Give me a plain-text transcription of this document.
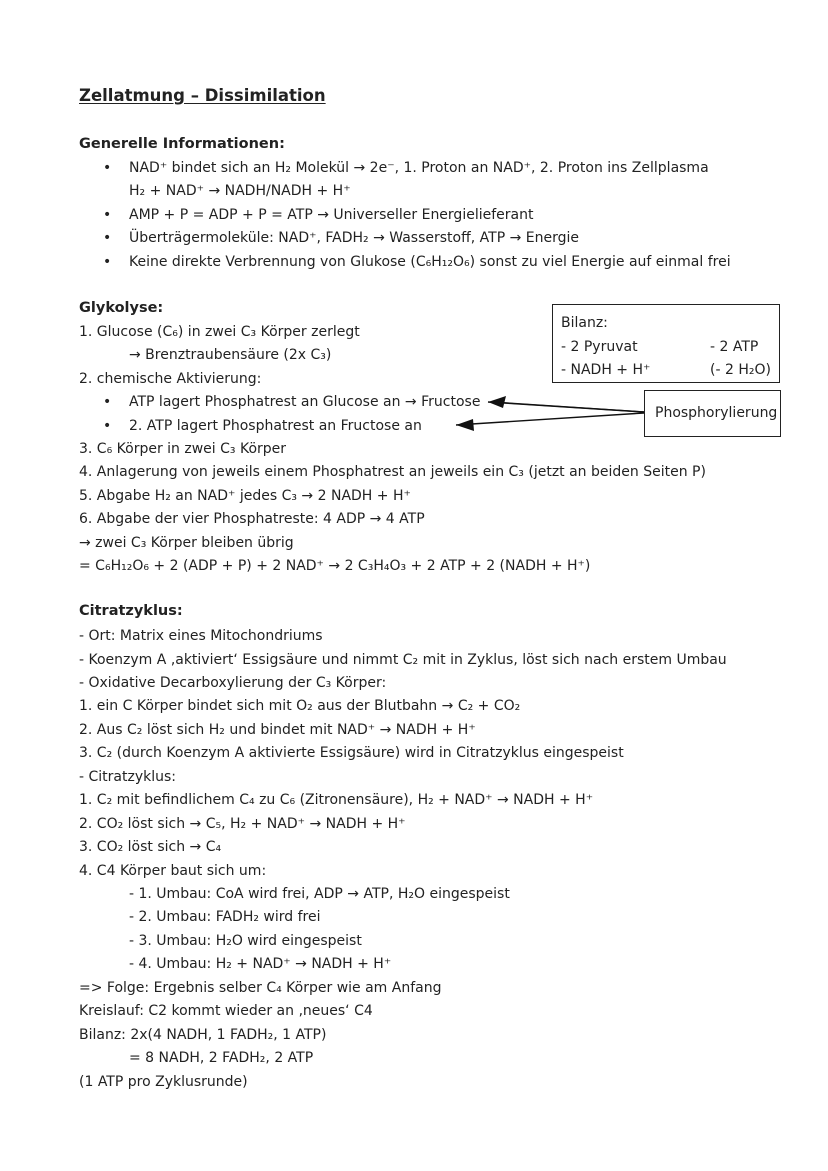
Zellatmung – Dissimilation
Generelle Informationen:
• NAD⁺ bindet sich an H₂ Molekül → 2e⁻, 1. Proton an NAD⁺, 2. Proton ins Zellplasma
H₂ + NAD⁺ → NADH/NADH + H⁺
• AMP + P = ADP + P = ATP → Universeller Energielieferant
• Überträgermoleküle: NAD⁺, FADH₂ → Wasserstoff, ATP → Energie
• Keine direkte Verbrennung von Glukose (C₆H₁₂O₆) sonst zu viel Energie auf einmal frei
Glykolyse:
1. Glucose (C₆) in zwei C₃ Körper zerlegt
→ Brenztraubensäure (2x C₃)
2. chemische Aktivierung:
• ATP lagert Phosphatrest an Glucose an → Fructose
• 2. ATP lagert Phosphatrest an Fructose an
3. C₆ Körper in zwei C₃ Körper
4. Anlagerung von jeweils einem Phosphatrest an jeweils ein C₃ (jetzt an beiden Seiten P)
5. Abgabe H₂ an NAD⁺ jedes C₃ → 2 NADH + H⁺
6. Abgabe der vier Phosphatreste: 4 ADP → 4 ATP
→ zwei C₃ Körper bleiben übrig
= C₆H₁₂O₆ + 2 (ADP + P) + 2 NAD⁺ → 2 C₃H₄O₃ + 2 ATP + 2 (NADH + H⁺)
Bilanz:
- 2 Pyruvat	- 2 ATP
- NADH + H⁺	(- 2 H₂O)
Phosphorylierung
Citratzyklus:
- Ort: Matrix eines Mitochondriums
- Koenzym A ‚aktiviert‘ Essigsäure und nimmt C₂ mit in Zyklus, löst sich nach erstem Umbau
- Oxidative Decarboxylierung der C₃ Körper:
1. ein C Körper bindet sich mit O₂ aus der Blutbahn → C₂ + CO₂
2. Aus C₂ löst sich H₂ und bindet mit NAD⁺ → NADH + H⁺
3. C₂ (durch Koenzym A aktivierte Essigsäure) wird in Citratzyklus eingespeist
- Citratzyklus:
1. C₂ mit befindlichem C₄ zu C₆ (Zitronensäure), H₂ + NAD⁺ → NADH + H⁺
2. CO₂ löst sich → C₅, H₂ + NAD⁺ → NADH + H⁺
3. CO₂ löst sich → C₄
4. C4 Körper baut sich um:
- 1. Umbau: CoA wird frei, ADP → ATP, H₂O eingespeist
- 2. Umbau: FADH₂ wird frei
- 3. Umbau: H₂O wird eingespeist
- 4. Umbau: H₂ + NAD⁺ → NADH + H⁺
=> Folge: Ergebnis selber C₄ Körper wie am Anfang
Kreislauf: C2 kommt wieder an ‚neues‘ C4
Bilanz: 2x(4 NADH, 1 FADH₂, 1 ATP)
= 8 NADH, 2 FADH₂, 2 ATP
(1 ATP pro Zyklusrunde)
